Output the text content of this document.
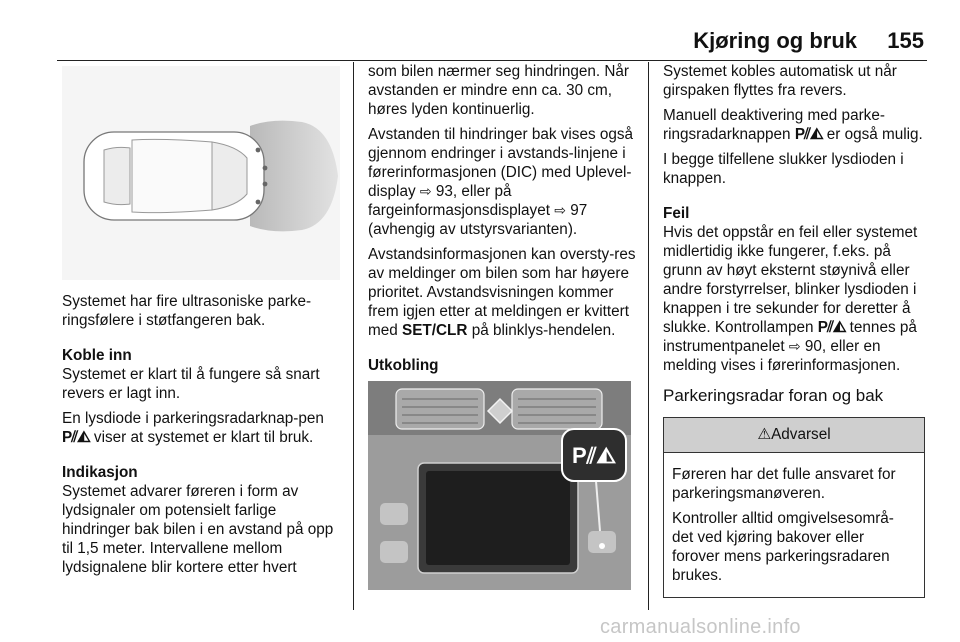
Kjøring og bruk 155

Systemet har fire ultrasoniske parke-ringsfølere i støtfangeren bak.

Koble inn

Systemet er klart til å fungere så snart revers er lagt inn.

En lysdiode i parkeringsradarknap-pen P⫽◭ viser at systemet er klart til bruk.

Indikasjon

Systemet advarer føreren i form av lydsignaler om potensielt farlige hindringer bak bilen i en avstand på opp til 1,5 meter. Intervallene mellom lydsignalene blir kortere etter hvert

som bilen nærmer seg hindringen. Når avstanden er mindre enn ca. 30 cm, høres lyden kontinuerlig.

Avstanden til hindringer bak vises også gjennom endringer i avstands-linjene i førerinformasjonen (DIC) med Uplevel-display ⇨ 93, eller på fargeinformasjonsdisplayet ⇨ 97 (avhengig av utstyrsvarianten).

Avstandsinformasjonen kan oversty-res av meldinger om bilen som har høyere prioritet. Avstandsvisningen kommer frem igjen etter at meldingen er kvittert med SET/CLR på blinklys-hendelen.

Utkobling
P⫽◭

Systemet kobles automatisk ut når girspaken flyttes fra revers.

Manuell deaktivering med parke-ringsradarknappen P⫽◭ er også mulig.

I begge tilfellene slukker lysdioden i knappen.

Feil

Hvis det oppstår en feil eller systemet midlertidig ikke fungerer, f.eks. på grunn av høyt eksternt støynivå eller andre forstyrrelser, blinker lysdioden i knappen i tre sekunder for deretter å slukke. Kontrollampen P⫽◭ tennes på instrumentpanelet ⇨ 90, eller en melding vises i førerinformasjonen.

Parkeringsradar foran og bak
⚠Advarsel

Føreren har det fulle ansvaret for parkeringsmanøveren.

Kontroller alltid omgivelsesområ-det ved kjøring bakover eller forover mens parkeringsradaren brukes.

carmanualsonline.info
